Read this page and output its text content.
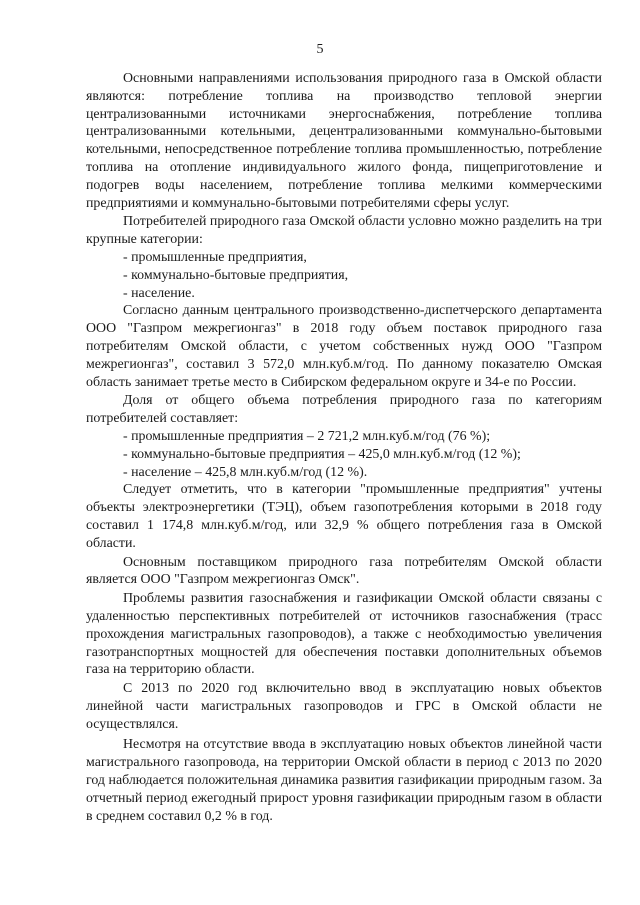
5

Основными направлениями использования природного газа в Омской области являются: потребление топлива на производство тепловой энергии централизованными источниками энергоснабжения, потребление топлива централизованными котельными, децентрализованными коммунально-бытовыми котельными, непосредственное потребление топлива промышленностью, потребление топлива на отопление индивидуального жилого фонда, пищеприготовление и подогрев воды населением, потребление топлива мелкими коммерческими предприятиями и коммунально-бытовыми потребителями сферы услуг.

Потребителей природного газа Омской области условно можно разделить на три крупные категории:

- промышленные предприятия,

- коммунально-бытовые предприятия,

- население.

Согласно данным центрального производственно-диспетчерского департамента ООО "Газпром межрегионгаз" в 2018 году объем поставок природного газа потребителям Омской области, с учетом собственных нужд ООО "Газпром межрегионгаз", составил 3 572,0 млн.куб.м/год. По данному показателю Омская область занимает третье место в Сибирском федеральном округе и 34-е по России.

Доля от общего объема потребления природного газа по категориям потребителей составляет:

- промышленные предприятия – 2 721,2 млн.куб.м/год (76 %);

- коммунально-бытовые предприятия – 425,0 млн.куб.м/год (12 %);

- население – 425,8 млн.куб.м/год (12 %).

Следует отметить, что в категории "промышленные предприятия" учтены объекты электроэнергетики (ТЭЦ), объем газопотребления которыми в 2018 году составил 1 174,8 млн.куб.м/год, или 32,9 % общего потребления газа в Омской области.

Основным поставщиком природного газа потребителям Омской области является ООО "Газпром межрегионгаз Омск".

Проблемы развития газоснабжения и газификации Омской области связаны с удаленностью перспективных потребителей от источников газоснабжения (трасс прохождения магистральных газопроводов), а также с необходимостью увеличения газотранспортных мощностей для обеспечения поставки дополнительных объемов газа на территорию области.

С 2013 по 2020 год включительно ввод в эксплуатацию новых объектов линейной части магистральных газопроводов и ГРС в Омской области не осуществлялся.

Несмотря на отсутствие ввода в эксплуатацию новых объектов линейной части магистрального газопровода, на территории Омской области в период с 2013 по 2020 год наблюдается положительная динамика развития газификации природным газом. За отчетный период ежегодный прирост уровня газификации природным газом в области в среднем составил 0,2 % в год.
